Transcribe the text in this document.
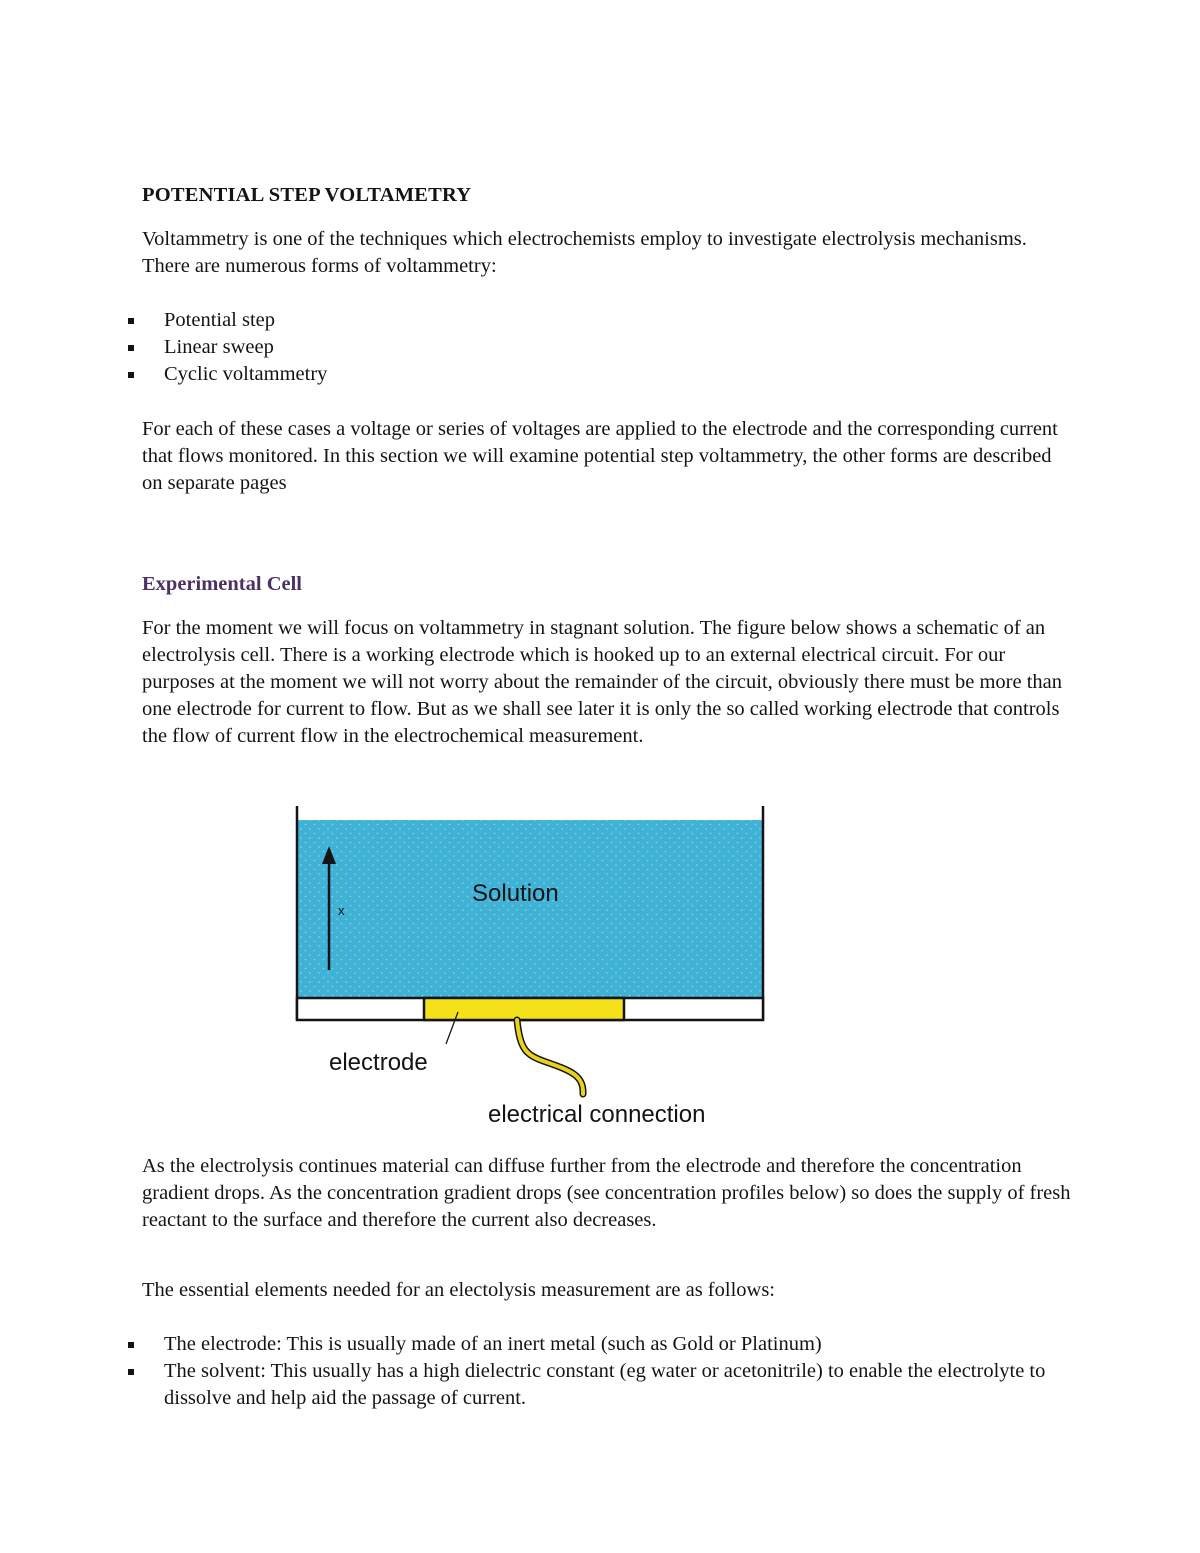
POTENTIAL STEP VOLTAMETRY

Voltammetry is one of the techniques which electrochemists employ to investigate electrolysis mechanisms. There are numerous forms of voltammetry:

Potential step
Linear sweep
Cyclic voltammetry

For each of these cases a voltage or series of voltages are applied to the electrode and the corresponding current that flows monitored. In this section we will examine potential step voltammetry, the other forms are described on separate pages

Experimental Cell

For the moment we will focus on voltammetry in stagnant solution. The figure below shows a schematic of an electrolysis cell. There is a working electrode which is hooked up to an external electrical circuit. For our purposes at the moment we will not worry about the remainder of the circuit, obviously there must be more than one electrode for current to flow. But as we shall see later it is only the so called working electrode that controls the flow of current flow in the electrochemical measurement.

x
Solution
electrode
electrical connection

As the electrolysis continues material can diffuse further from the electrode and therefore the concentration gradient drops. As the concentration gradient drops (see concentration profiles below) so does the supply of fresh reactant to the surface and therefore the current also decreases.

The essential elements needed for an electolysis measurement are as follows:

The electrode: This is usually made of an inert metal (such as Gold or Platinum)
The solvent: This usually has a high dielectric constant (eg water or acetonitrile) to enable the electrolyte to dissolve and help aid the passage of current.
